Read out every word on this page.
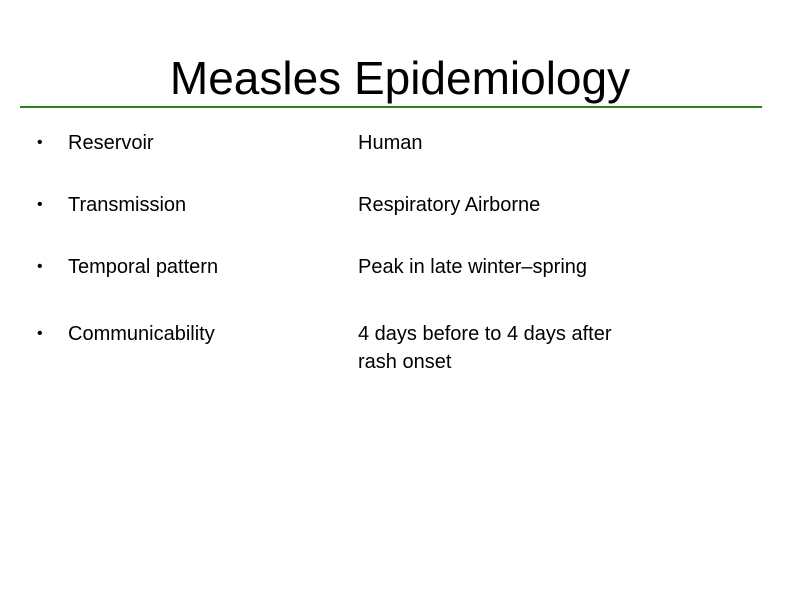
Measles Epidemiology
• Reservoir	Human
• Transmission	Respiratory Airborne
• Temporal pattern	Peak in late winter–spring
• Communicability	4 days before to 4 days after
rash onset
